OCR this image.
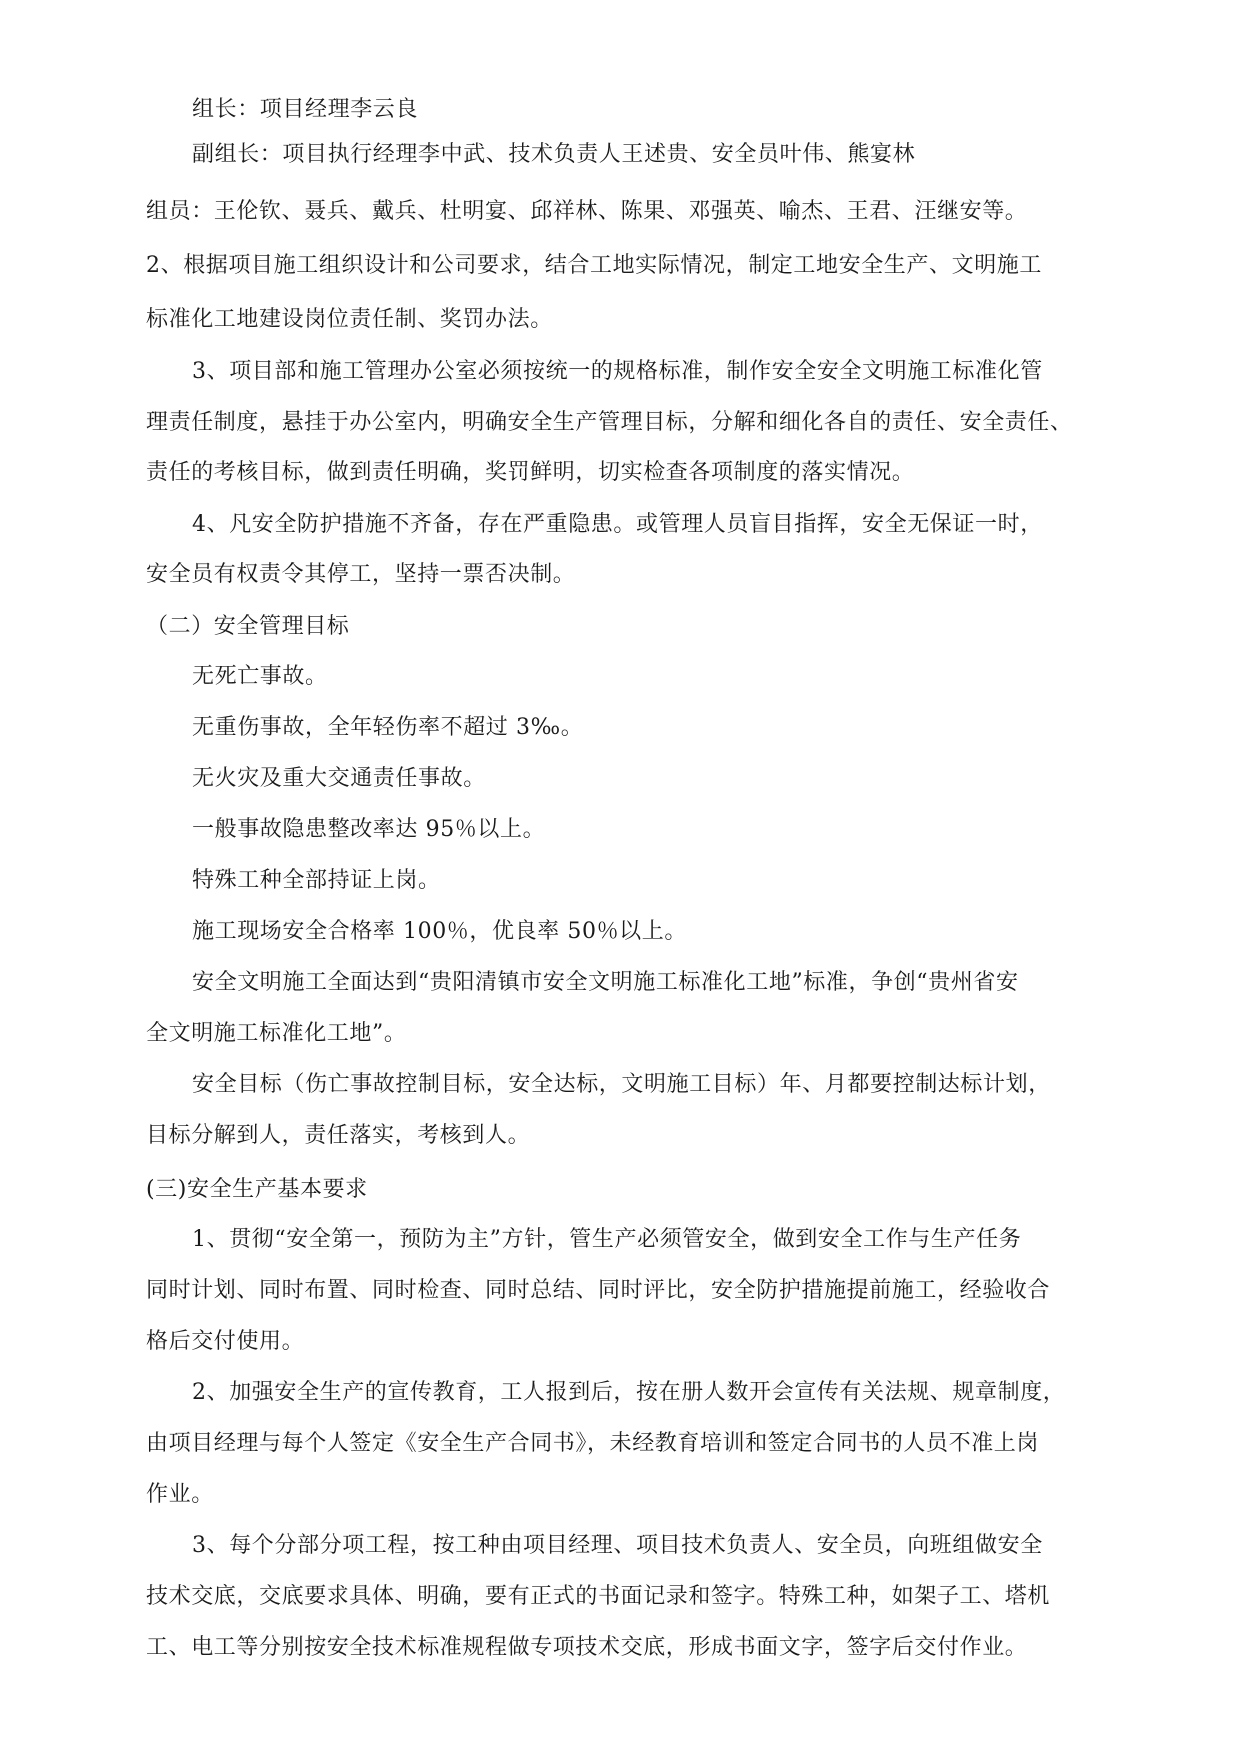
组长：项目经理李云良

副组长：项目执行经理李中武、技术负责人王述贵、安全员叶伟、熊宴林

组员：王伦钦、聂兵、戴兵、杜明宴、邱祥林、陈果、邓强英、喻杰、王君、汪继安等。

2、根据项目施工组织设计和公司要求，结合工地实际情况，制定工地安全生产、文明施工

标准化工地建设岗位责任制、奖罚办法。

3、项目部和施工管理办公室必须按统一的规格标准，制作安全安全文明施工标准化管

理责任制度，悬挂于办公室内，明确安全生产管理目标，分解和细化各自的责任、安全责任、

责任的考核目标，做到责任明确，奖罚鲜明，切实检查各项制度的落实情况。

4、凡安全防护措施不齐备，存在严重隐患。或管理人员盲目指挥，安全无保证一时，

安全员有权责令其停工，坚持一票否决制。

（二）安全管理目标

无死亡事故。

无重伤事故，全年轻伤率不超过 3‰。

无火灾及重大交通责任事故。

一般事故隐患整改率达 95％以上。

特殊工种全部持证上岗。

施工现场安全合格率 100％，优良率 50％以上。

安全文明施工全面达到“贵阳清镇市安全文明施工标准化工地”标准，争创“贵州省安

全文明施工标准化工地”。

安全目标（伤亡事故控制目标，安全达标，文明施工目标）年、月都要控制达标计划，

目标分解到人，责任落实，考核到人。

(三)安全生产基本要求

1、贯彻“安全第一，预防为主”方针，管生产必须管安全，做到安全工作与生产任务

同时计划、同时布置、同时检查、同时总结、同时评比，安全防护措施提前施工，经验收合

格后交付使用。

2、加强安全生产的宣传教育，工人报到后，按在册人数开会宣传有关法规、规章制度，

由项目经理与每个人签定《安全生产合同书》，未经教育培训和签定合同书的人员不准上岗

作业。

3、每个分部分项工程，按工种由项目经理、项目技术负责人、安全员，向班组做安全

技术交底，交底要求具体、明确，要有正式的书面记录和签字。特殊工种，如架子工、塔机

工、电工等分别按安全技术标准规程做专项技术交底，形成书面文字，签字后交付作业。
